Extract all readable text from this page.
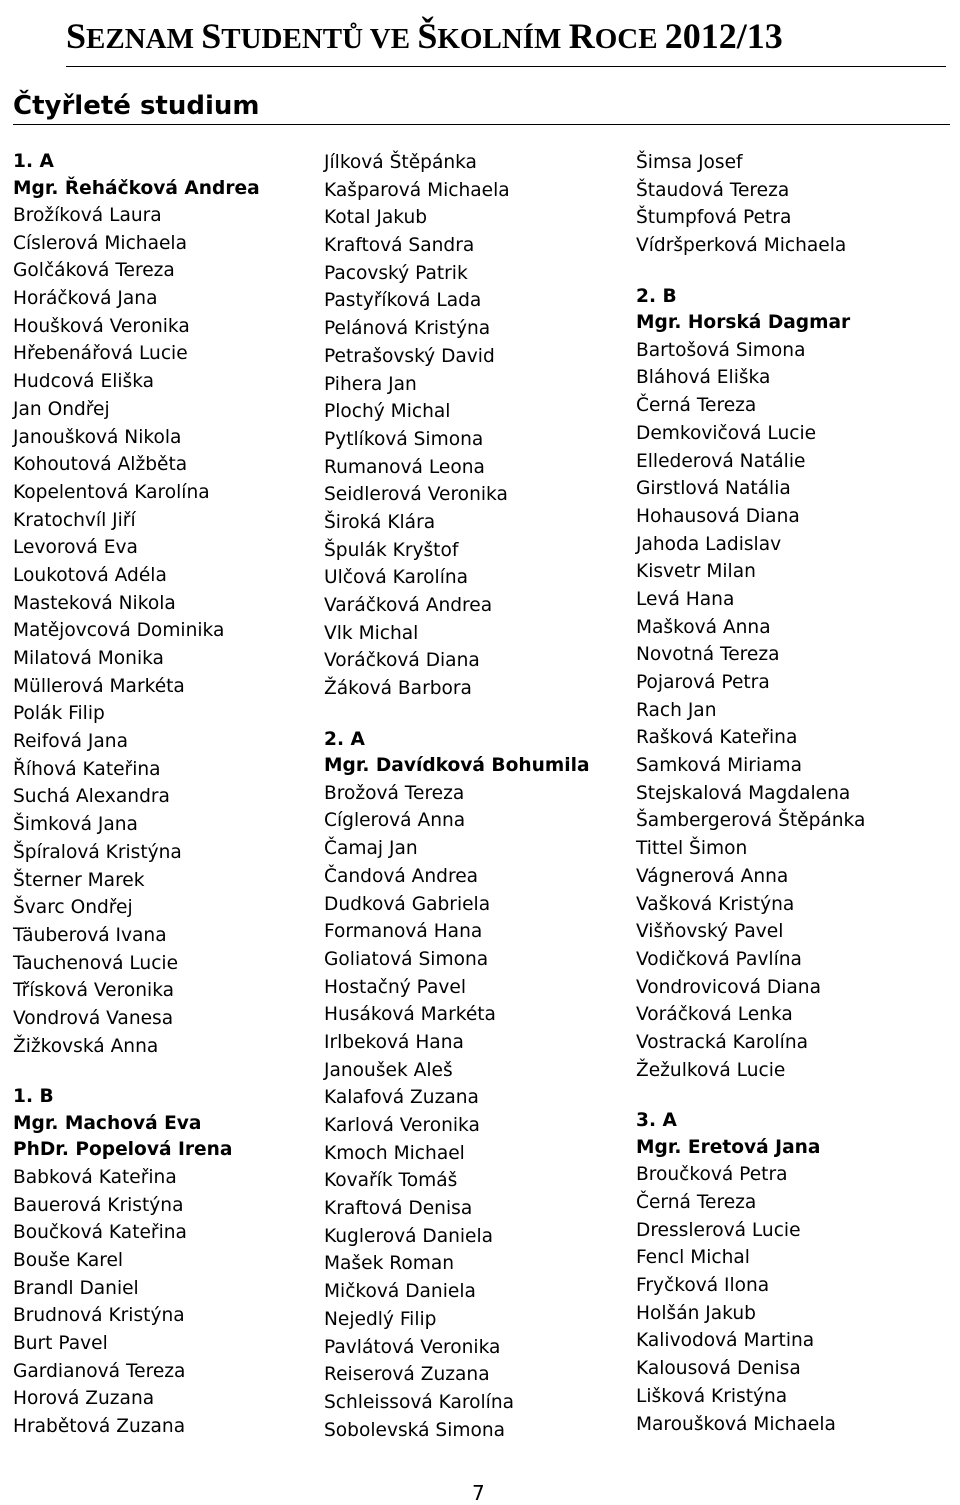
SEZNAM STUDENTŮ VE ŠKOLNÍM ROCE 2012/13
Čtyřleté studium
1. A
Mgr. Řeháčková Andrea
Brožíková Laura
Císlerová Michaela
Golčáková Tereza
Horáčková Jana
Houšková Veronika
Hřebenářová Lucie
Hudcová Eliška
Jan Ondřej
Janoušková Nikola
Kohoutová Alžběta
Kopelentová Karolína
Kratochvíl Jiří
Levorová Eva
Loukotová Adéla
Masteková Nikola
Matějovcová Dominika
Milatová Monika
Müllerová Markéta
Polák Filip
Reifová Jana
Říhová Kateřina
Suchá Alexandra
Šimková Jana
Špíralová Kristýna
Šterner Marek
Švarc Ondřej
Täuberová Ivana
Tauchenová Lucie
Třísková Veronika
Vondrová Vanesa
Žižkovská Anna
1. B
Mgr. Machová Eva
PhDr. Popelová Irena
Babková Kateřina
Bauerová Kristýna
Boučková Kateřina
Bouše Karel
Brandl Daniel
Brudnová Kristýna
Burt Pavel
Gardianová Tereza
Horová Zuzana
Hrabětová Zuzana
Jílková Štěpánka
Kašparová Michaela
Kotal Jakub
Kraftová Sandra
Pacovský Patrik
Pastyříková Lada
Pelánová Kristýna
Petrašovský David
Pihera Jan
Plochý Michal
Pytlíková Simona
Rumanová Leona
Seidlerová Veronika
Široká Klára
Špulák Kryštof
Ulčová Karolína
Varáčková Andrea
Vlk Michal
Voráčková Diana
Žáková Barbora
2. A
Mgr. Davídková Bohumila
Brožová Tereza
Cíglerová Anna
Čamaj Jan
Čandová Andrea
Dudková Gabriela
Formanová Hana
Goliatová Simona
Hostačný Pavel
Husáková Markéta
Irlbeková Hana
Janoušek Aleš
Kalafová Zuzana
Karlová Veronika
Kmoch Michael
Kovařík Tomáš
Kraftová Denisa
Kuglerová Daniela
Mašek Roman
Mičková Daniela
Nejedlý Filip
Pavlátová Veronika
Reiserová Zuzana
Schleissová Karolína
Sobolevská Simona
Šimsa Josef
Štaudová Tereza
Štumpfová Petra
Vídršperková Michaela
2. B
Mgr. Horská Dagmar
Bartošová Simona
Bláhová Eliška
Černá Tereza
Demkovičová Lucie
Ellederová Natálie
Girstlová Natália
Hohausová Diana
Jahoda Ladislav
Kisvetr Milan
Levá Hana
Mašková Anna
Novotná Tereza
Pojarová Petra
Rach Jan
Rašková Kateřina
Samková Miriama
Stejskalová Magdalena
Šambergerová Štěpánka
Tittel Šimon
Vágnerová Anna
Vašková Kristýna
Višňovský Pavel
Vodičková Pavlína
Vondrovicová Diana
Voráčková Lenka
Vostracká Karolína
Žežulková Lucie
3. A
Mgr. Eretová Jana
Broučková Petra
Černá Tereza
Dresslerová Lucie
Fencl Michal
Fryčková Ilona
Holšán Jakub
Kalivodová Martina
Kalousová Denisa
Lišková Kristýna
Maroušková Michaela
7
